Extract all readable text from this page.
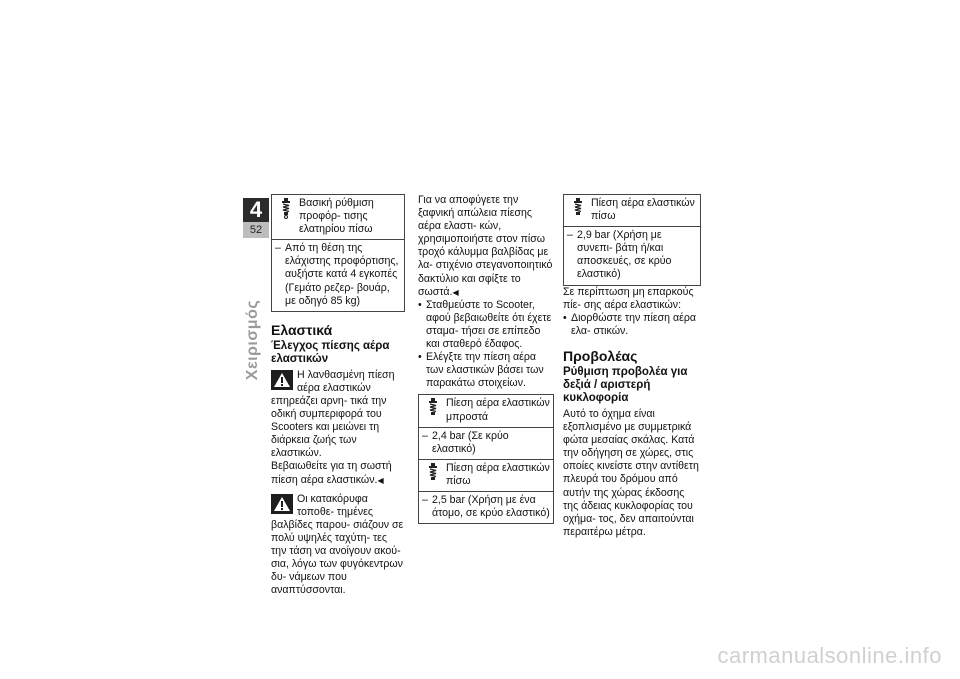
4
52
Χειρισμός
Βασική ρύθμιση προφόρ- τισης ελατηρίου πίσω
– Από τη θέση της ελάχιστης προφόρτισης, αυξήστε κατά 4 εγκοπές (Γεμάτο ρεζερ- βουάρ, με οδηγό 85 kg)
Ελαστικά
Έλεγχος πίεσης αέρα ελαστικών

Η λανθασμένη πίεση αέρα ελαστικών επηρεάζει αρνη- τικά την οδική συμπεριφορά του Scooters και μειώνει τη διάρκεια ζωής των ελαστικών.

Βεβαιωθείτε για τη σωστή πίεση αέρα ελαστικών.◀

Οι κατακόρυφα τοποθε- τημένες βαλβίδες παρου- σιάζουν σε πολύ υψηλές ταχύτη- τες την τάση να ανοίγουν ακού- σια, λόγω των φυγόκεντρων δυ- νάμεων που αναπτύσσονται.

Για να αποφύγετε την ξαφνική απώλεια πίεσης αέρα ελαστι- κών, χρησιμοποιήστε στον πίσω τροχό κάλυμμα βαλβίδας με λα- στιχένιο στεγανοποιητικό δακτύλιο και σφίξτε το σωστά.◀

• Σταθμεύστε το Scooter, αφού βεβαιωθείτε ότι έχετε σταμα- τήσει σε επίπεδο και σταθερό έδαφος.
• Ελέγξτε την πίεση αέρα των ελαστικών βάσει των παρακάτω στοιχείων.
Πίεση αέρα ελαστικών μπροστά
– 2,4 bar (Σε κρύο ελαστικό)
Πίεση αέρα ελαστικών πίσω
– 2,5 bar (Χρήση με ένα άτομο, σε κρύο ελαστικό)
Πίεση αέρα ελαστικών πίσω
– 2,9 bar (Χρήση με συνεπι- βάτη ή/και αποσκευές, σε κρύο ελαστικό)

Σε περίπτωση μη επαρκούς πίε- σης αέρα ελαστικών:

• Διορθώστε την πίεση αέρα ελα- στικών.
Προβολέας
Ρύθμιση προβολέα για δεξιά / αριστερή κυκλοφορία

Αυτό το όχημα είναι εξοπλισμένο με συμμετρικά φώτα μεσαίας σκάλας. Κατά την οδήγηση σε χώρες, στις οποίες κινείστε στην αντίθετη πλευρά του δρόμου από αυτήν της χώρας έκδοσης της άδειας κυκλοφορίας του οχήμα- τος, δεν απαιτούνται περαιτέρω μέτρα.

carmanualsonline.info
